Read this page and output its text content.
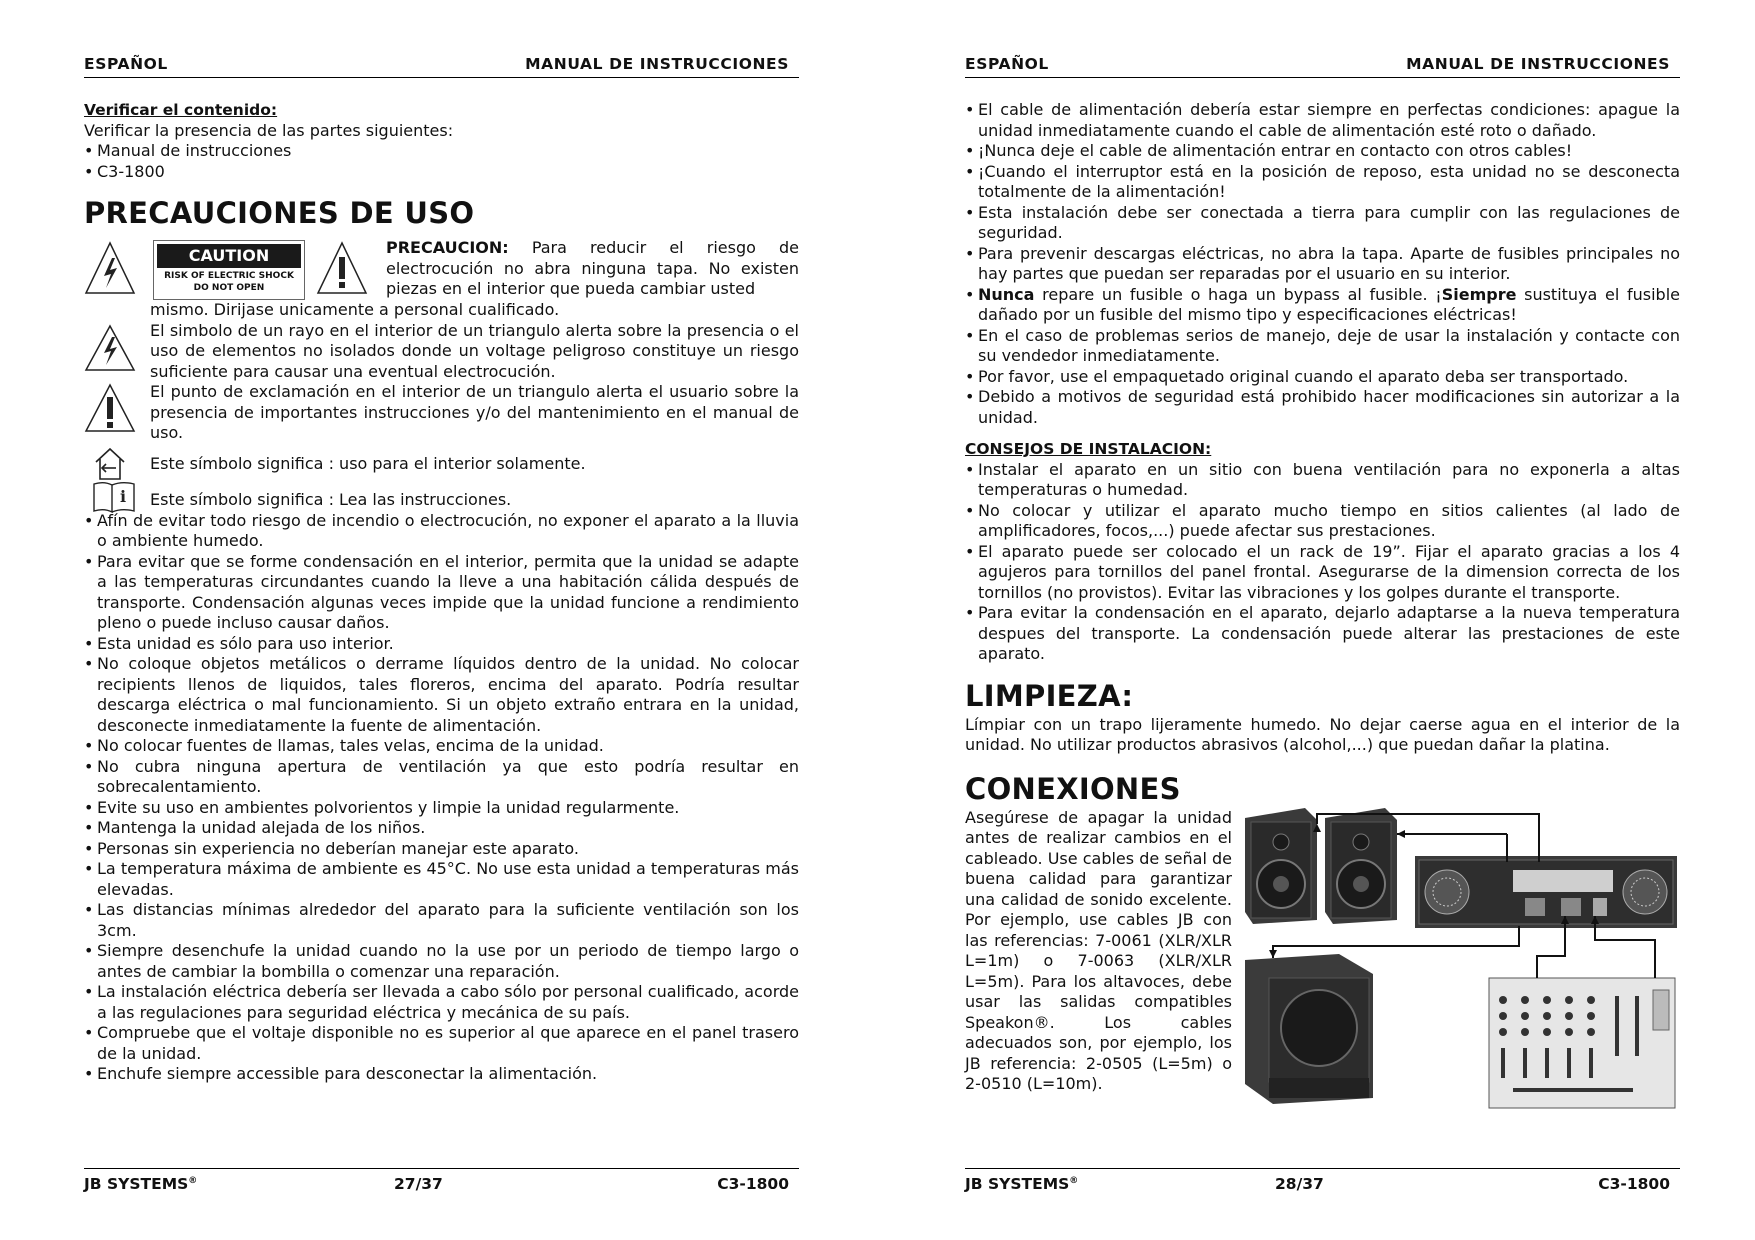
ESPAÑOL	MANUAL DE INSTRUCCIONES
Verificar el contenido:

Verificar la presencia de las partes siguientes:

• Manual de instrucciones
• C3-1800
PRECAUCIONES DE USO
CAUTION
RISK OF ELECTRIC SHOCK
DO NOT OPEN

PRECAUCION: Para reducir el riesgo de electrocución no abra ninguna tapa. No existen piezas en el interior que pueda cambiar usted

mismo. Dirijase unicamente a personal cualificado.

El simbolo de un rayo en el interior de un triangulo alerta sobre la presencia o el uso de elementos no isolados donde un voltage peligroso constituye un riesgo suficiente para causar una eventual electrocución.

El punto de exclamación en el interior de un triangulo alerta el usuario sobre la presencia de importantes instrucciones y/o del mantenimiento en el manual de uso.

Este símbolo significa : uso para el interior solamente.

i Este símbolo significa : Lea las instrucciones.

• Afín de evitar todo riesgo de incendio o electrocución, no exponer el aparato a la lluvia o ambiente humedo.
• Para evitar que se forme condensación en el interior, permita que la unidad se adapte a las temperaturas circundantes cuando la lleve a una habitación cálida después de transporte. Condensación algunas veces impide que la unidad funcione a rendimiento pleno o puede incluso causar daños.
• Esta unidad es sólo para uso interior.
• No coloque objetos metálicos o derrame líquidos dentro de la unidad. No colocar recipients llenos de liquidos, tales floreros, encima del aparato. Podría resultar descarga eléctrica o mal funcionamiento. Si un objeto extraño entrara en la unidad, desconecte inmediatamente la fuente de alimentación.
• No colocar fuentes de llamas, tales velas, encima de la unidad.
• No cubra ninguna apertura de ventilación ya que esto podría resultar en sobrecalentamiento.
• Evite su uso en ambientes polvorientos y limpie la unidad regularmente.
• Mantenga la unidad alejada de los niños.
• Personas sin experiencia no deberían manejar este aparato.
• La temperatura máxima de ambiente es 45°C. No use esta unidad a temperaturas más elevadas.
• Las distancias mínimas alrededor del aparato para la suficiente ventilación son los 3cm.
• Siempre desenchufe la unidad cuando no la use por un periodo de tiempo largo o antes de cambiar la bombilla o comenzar una reparación.
• La instalación eléctrica debería ser llevada a cabo sólo por personal cualificado, acorde a las regulaciones para seguridad eléctrica y mecánica de su país.
• Compruebe que el voltaje disponible no es superior al que aparece en el panel trasero de la unidad.
• Enchufe siempre accessible para desconectar la alimentación.
JB SYSTEMS®	27/37	C3-1800
ESPAÑOL	MANUAL DE INSTRUCCIONES
• El cable de alimentación debería estar siempre en perfectas condiciones: apague la unidad inmediatamente cuando el cable de alimentación esté roto o dañado.
• ¡Nunca deje el cable de alimentación entrar en contacto con otros cables!
• ¡Cuando el interruptor está en la posición de reposo, esta unidad no se desconecta totalmente de la alimentación!
• Esta instalación debe ser conectada a tierra para cumplir con las regulaciones de seguridad.
• Para prevenir descargas eléctricas, no abra la tapa. Aparte de fusibles principales no hay partes que puedan ser reparadas por el usuario en su interior.
• Nunca repare un fusible o haga un bypass al fusible. ¡Siempre sustituya el fusible dañado por un fusible del mismo tipo y especificaciones eléctricas!
• En el caso de problemas serios de manejo, deje de usar la instalación y contacte con su vendedor inmediatamente.
• Por favor, use el empaquetado original cuando el aparato deba ser transportado.
• Debido a motivos de seguridad está prohibido hacer modificaciones sin autorizar a la unidad.
CONSEJOS DE INSTALACION:
• Instalar el aparato en un sitio con buena ventilación para no exponerla a altas temperaturas o humedad.
• No colocar y utilizar el aparato mucho tiempo en sitios calientes (al lado de amplificadores, focos,...) puede afectar sus prestaciones.
• El aparato puede ser colocado el un rack de 19”. Fijar el aparato gracias a los 4 agujeros para tornillos del panel frontal. Asegurarse de la dimension correcta de los tornillos (no provistos). Evitar las vibraciones y los golpes durante el transporte.
• Para evitar la condensación en el aparato, dejarlo adaptarse a la nueva temperatura despues del transporte. La condensación puede alterar las prestaciones de este aparato.
LIMPIEZA:

Límpiar con un trapo lijeramente humedo. No dejar caerse agua en el interior de la unidad. No utilizar productos abrasivos (alcohol,...) que puedan dañar la platina.

CONEXIONES

Asegúrese de apagar la unidad antes de realizar cambios en el cableado. Use cables de señal de buena calidad para garantizar una calidad de sonido excelente. Por ejemplo, use cables JB con las referencias: 7-0061 (XLR/XLR L=1m) o 7-0063 (XLR/XLR L=5m). Para los altavoces, debe usar las salidas compatibles Speakon®. Los cables adecuados son, por ejemplo, los JB referencia: 2-0505 (L=5m) o 2-0510 (L=10m).

JB SYSTEMS®	28/37	C3-1800
